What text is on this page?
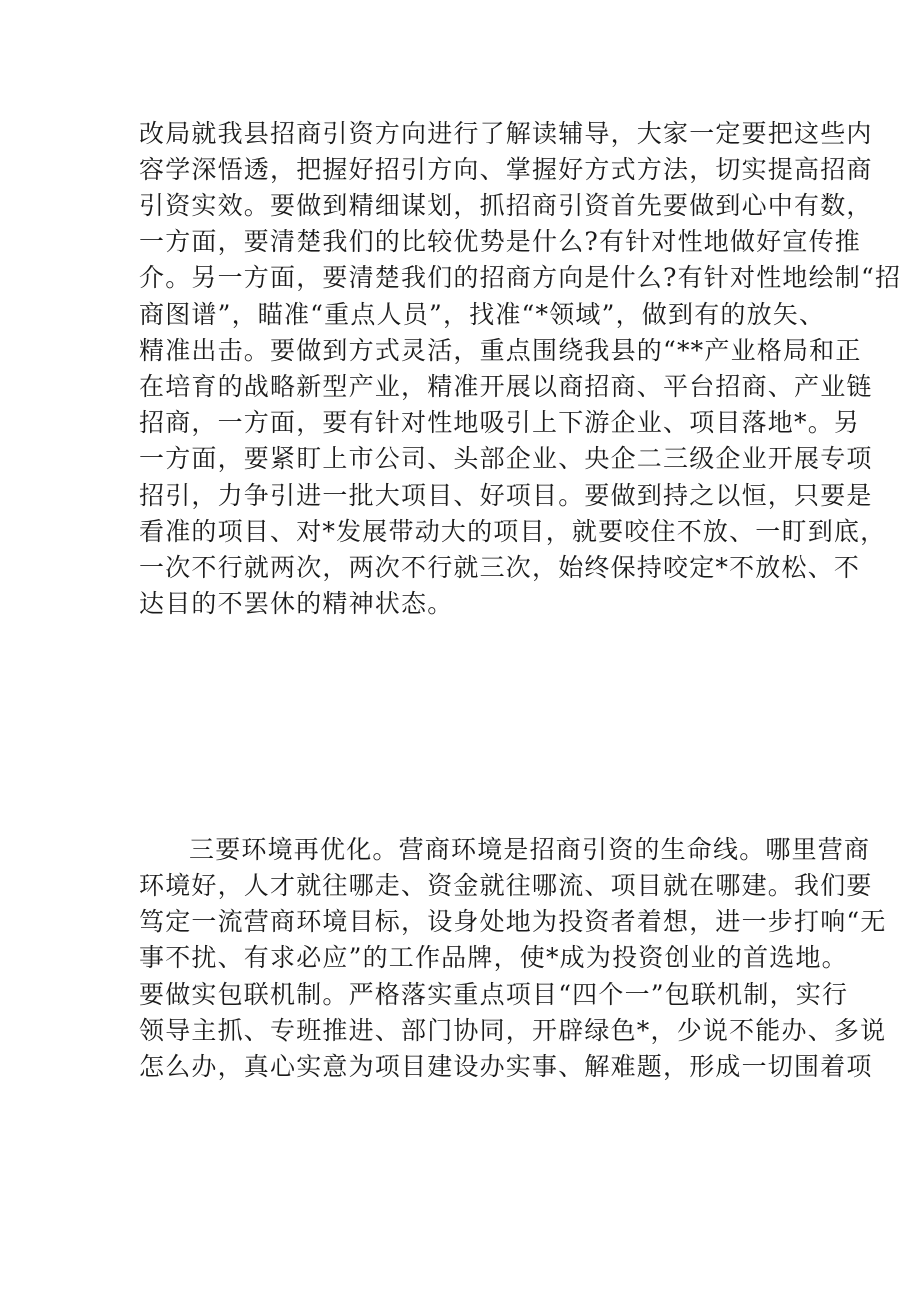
改局就我县招商引资方向进行了解读辅导，大家一定要把这些内
容学深悟透，把握好招引方向、掌握好方式方法，切实提高招商
引资实效。要做到精细谋划，抓招商引资首先要做到心中有数，
一方面，要清楚我们的比较优势是什么?有针对性地做好宣传推
介。另一方面，要清楚我们的招商方向是什么?有针对性地绘制“招
商图谱”，瞄准“重点人员”，找准“*领域”，做到有的放矢、
精准出击。要做到方式灵活，重点围绕我县的“**产业格局和正
在培育的战略新型产业，精准开展以商招商、平台招商、产业链
招商，一方面，要有针对性地吸引上下游企业、项目落地*。另
一方面，要紧盯上市公司、头部企业、央企二三级企业开展专项
招引，力争引进一批大项目、好项目。要做到持之以恒，只要是
看准的项目、对*发展带动大的项目，就要咬住不放、一盯到底，
一次不行就两次，两次不行就三次，始终保持咬定*不放松、不
达目的不罢休的精神状态。
三要环境再优化。营商环境是招商引资的生命线。哪里营商
环境好，人才就往哪走、资金就往哪流、项目就在哪建。我们要
笃定一流营商环境目标，设身处地为投资者着想，进一步打响“无
事不扰、有求必应”的工作品牌，使*成为投资创业的首选地。
要做实包联机制。严格落实重点项目“四个一”包联机制，实行
领导主抓、专班推进、部门协同，开辟绿色*，少说不能办、多说
怎么办，真心实意为项目建设办实事、解难题，形成一切围着项
